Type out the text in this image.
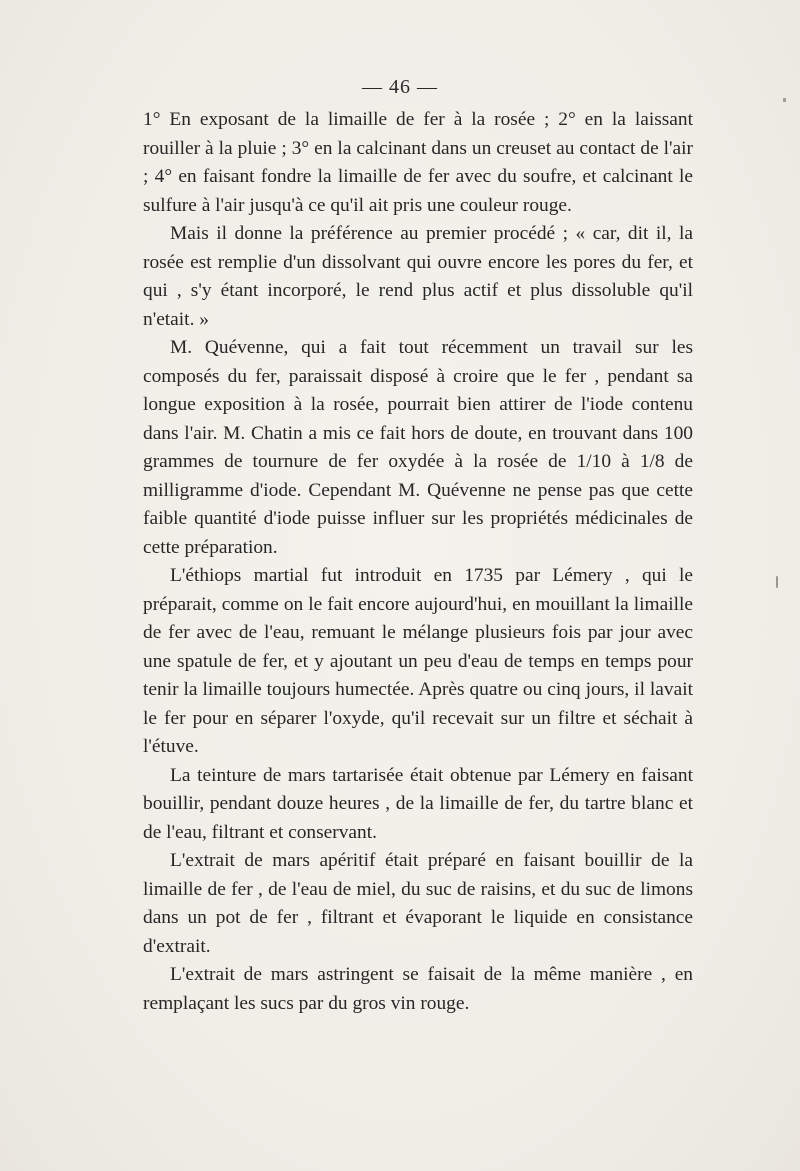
— 46 —

1° En exposant de la limaille de fer à la rosée ; 2° en la laissant rouiller à la pluie ; 3° en la calcinant dans un creuset au contact de l'air ; 4° en faisant fondre la limaille de fer avec du soufre, et calcinant le sulfure à l'air jusqu'à ce qu'il ait pris une couleur rouge.

Mais il donne la préférence au premier procédé ; « car, dit il, la rosée est remplie d'un dissolvant qui ouvre encore les pores du fer, et qui , s'y étant incorporé, le rend plus actif et plus dissoluble qu'il n'etait. »

M. Quévenne, qui a fait tout récemment un travail sur les composés du fer, paraissait disposé à croire que le fer , pendant sa longue exposition à la rosée, pourrait bien attirer de l'iode contenu dans l'air. M. Chatin a mis ce fait hors de doute, en trouvant dans 100 grammes de tournure de fer oxydée à la rosée de 1/10 à 1/8 de milligramme d'iode. Cependant M. Quévenne ne pense pas que cette faible quantité d'iode puisse influer sur les propriétés médicinales de cette préparation.

L'éthiops martial fut introduit en 1735 par Lémery , qui le préparait, comme on le fait encore aujourd'hui, en mouillant la limaille de fer avec de l'eau, remuant le mélange plusieurs fois par jour avec une spatule de fer, et y ajoutant un peu d'eau de temps en temps pour tenir la limaille toujours humectée. Après quatre ou cinq jours, il lavait le fer pour en séparer l'oxyde, qu'il recevait sur un filtre et séchait à l'étuve.

La teinture de mars tartarisée était obtenue par Lémery en faisant bouillir, pendant douze heures , de la limaille de fer, du tartre blanc et de l'eau, filtrant et conservant.

L'extrait de mars apéritif était préparé en faisant bouillir de la limaille de fer , de l'eau de miel, du suc de raisins, et du suc de limons dans un pot de fer , filtrant et évaporant le liquide en consistance d'extrait.

L'extrait de mars astringent se faisait de la même manière , en remplaçant les sucs par du gros vin rouge.
